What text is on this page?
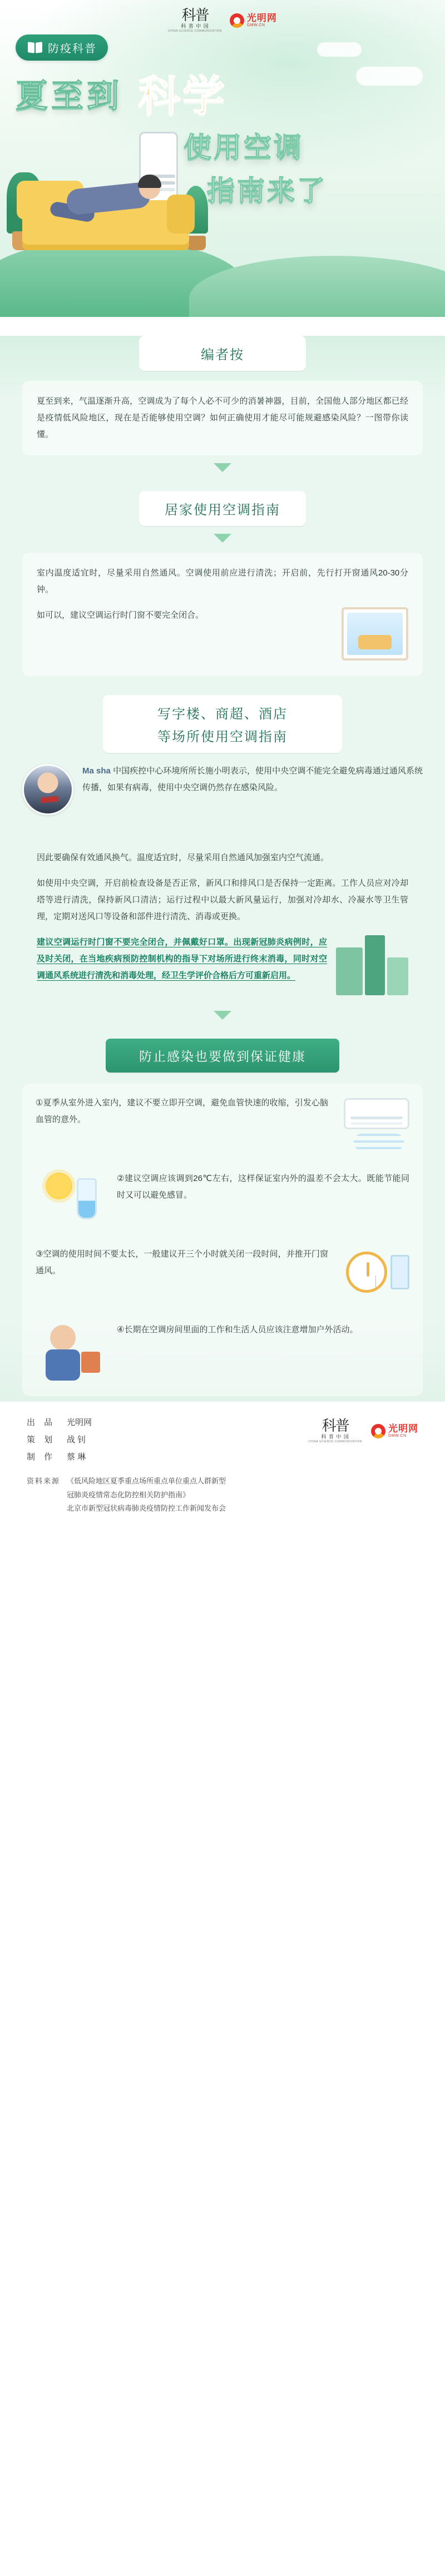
科普
科 普 中 国
CHINA SCIENCE COMMUNICATION
光明网
GMW.CN
防疫科普
夏至到 科学
使用空调
指南来了
编者按

夏至到来，气温逐渐升高，空调成为了每个人必不可少的消暑神器，目前，全国他人部分地区都已经是疫情低风险地区，现在是否能够使用空调？如何正确使用才能尽可能规避感染风险？一图带你读懂。

居家使用空调指南

室内温度适宜时，尽量采用自然通风。空调使用前应进行清洗；开启前，先行打开窗通风20-30分钟。

如可以，建议空调运行时门窗不要完全闭合。

写字楼、商超、酒店
等场所使用空调指南
Ma sha 中国疾控中心环境所所长施小明表示，使用中央空调不能完全避免病毒通过通风系统传播，如果有病毒，使用中央空调仍然存在感染风险。

因此要确保有效通风换气。温度适宜时，尽量采用自然通风加强室内空气流通。

如使用中央空调，开启前检查设备是否正常，新风口和排风口是否保持一定距离。工作人员应对冷却塔等进行清洗，保持新风口清洁；运行过程中以最大新风量运行，加强对冷却水、冷凝水等卫生管理，定期对送风口等设备和部件进行清洗、消毒或更换。

建议空调运行时门窗不要完全闭合，并佩戴好口罩。出现新冠肺炎病例时，应及时关闭，在当地疾病预防控制机构的指导下对场所进行终末消毒，同时对空调通风系统进行清洗和消毒处理，经卫生学评价合格后方可重新启用。

防止感染也要做到保证健康
①夏季从室外进入室内，建议不要立即开空调，避免血管快速的收缩，引发心脑血管的意外。
②建议空调应该调到26℃左右，这样保证室内外的温差不会太大。既能节能同时又可以避免感冒。
③空调的使用时间不要太长，一般建议开三个小时就关闭一段时间，并推开门窗通风。
④长期在空调房间里面的工作和生活人员应该注意增加户外活动。
出 品	光明网
策 划	战 钊
制 作	蔡 琳
科普
科 普 中 国
CHINA SCIENCE COMMUNICATION
光明网
GMW.CN
资料来源 《低风险地区夏季重点场所重点单位重点人群新型
冠肺炎疫情常态化防控相关防护指南》
北京市新型冠状病毒肺炎疫情防控工作新闻发布会
